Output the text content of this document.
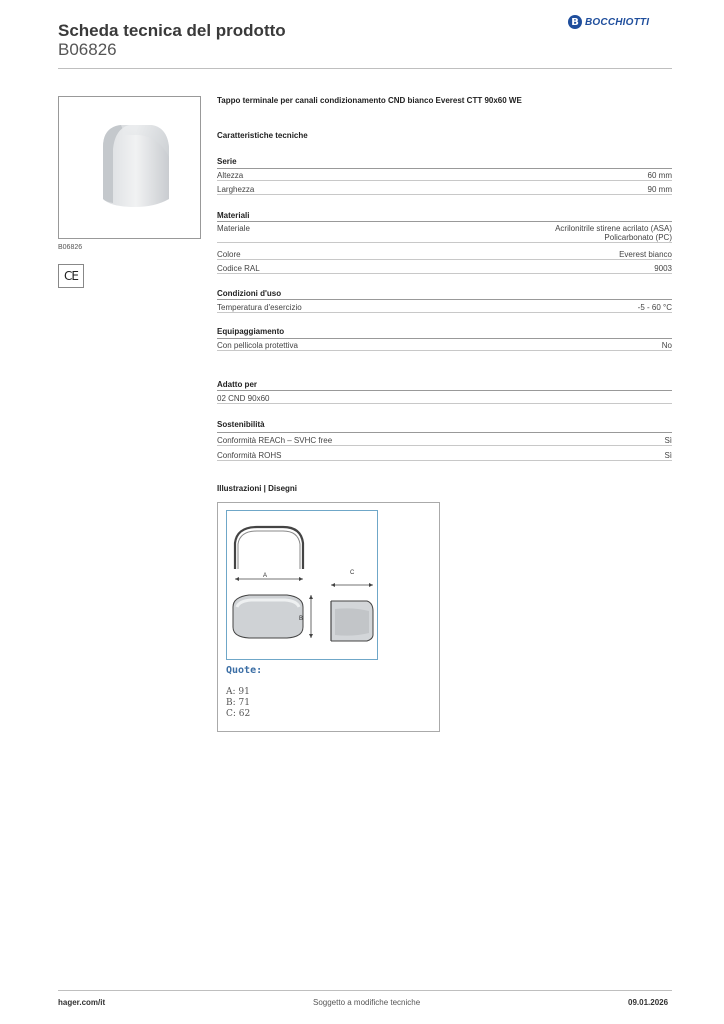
Scheda tecnica del prodotto
B06826
B BOCCHIOTTI
B06826
CE
Tappo terminale per canali condizionamento CND bianco Everest CTT 90x60 WE
Caratteristiche tecniche
Serie
Altezza	60 mm
Larghezza	90 mm
Materiali
Materiale	Acrilonitrile stirene acrilato (ASA)
Policarbonato (PC)
Colore	Everest bianco
Codice RAL	9003
Condizioni d'uso
Temperatura d'esercizio	-5 - 60 °C
Equipaggiamento
Con pellicola protettiva	No
Adatto per
02 CND 90x60
Sostenibilità
Conformità REACh – SVHC free	Sì
Conformità ROHS	Sì
Illustrazioni | Disegni
A
B
C
Quote:
A: 91
B: 71
C: 62
hager.com/it	Soggetto a modifiche tecniche	09.01.2026
